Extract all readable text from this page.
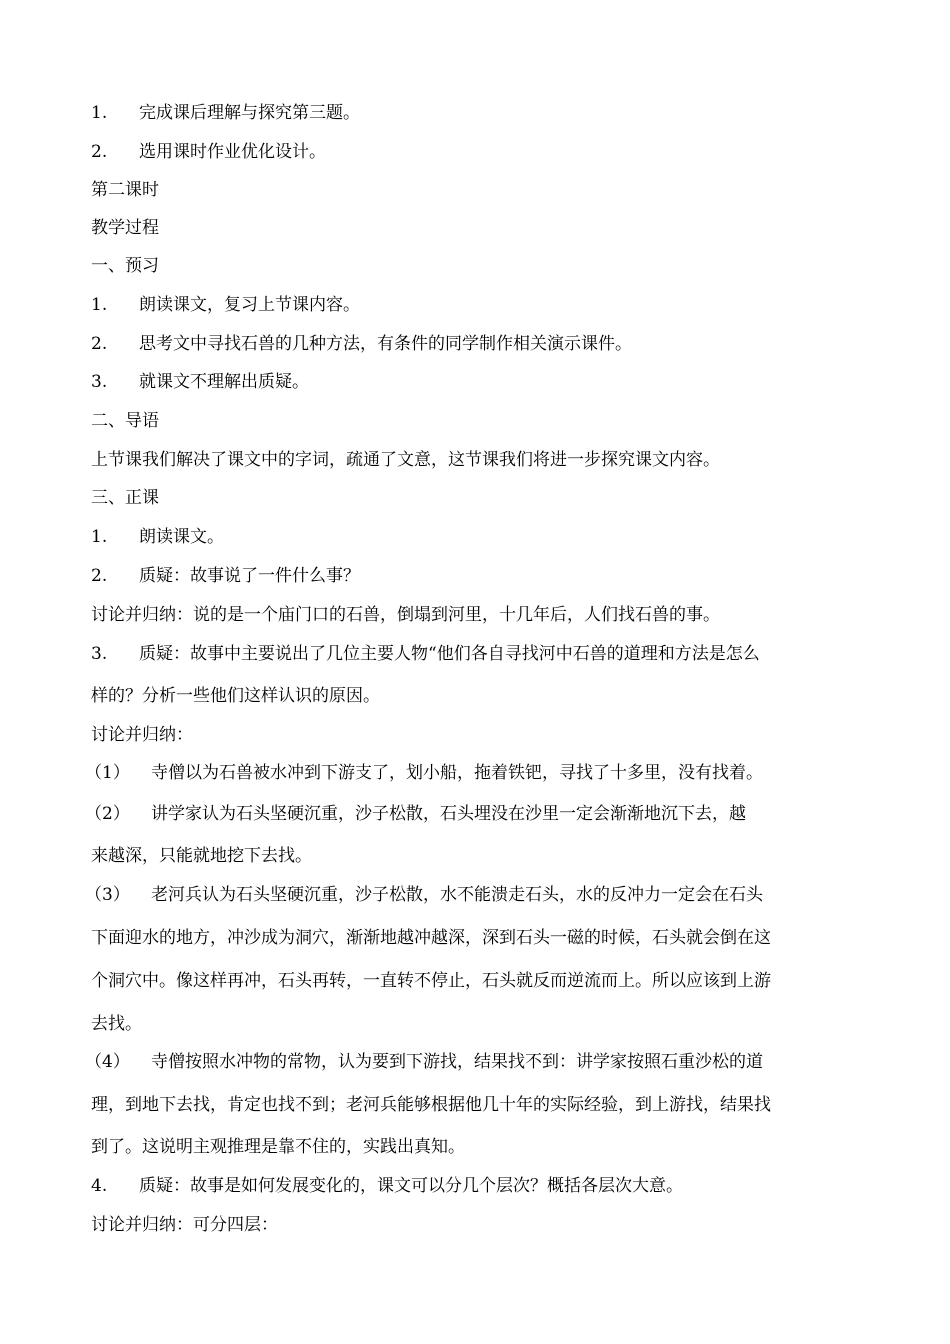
1. 完成课后理解与探究第三题。
2. 选用课时作业优化设计。
第二课时
教学过程
一、预习
1. 朗读课文，复习上节课内容。
2. 思考文中寻找石兽的几种方法，有条件的同学制作相关演示课件。
3. 就课文不理解出质疑。
二、导语
上节课我们解决了课文中的字词，疏通了文意，这节课我们将进一步探究课文内容。
三、正课
1. 朗读课文。
2. 质疑：故事说了一件什么事？
讨论并归纳：说的是一个庙门口的石兽，倒塌到河里，十几年后，人们找石兽的事。
3. 质疑：故事中主要说出了几位主要人物“他们各自寻找河中石兽的道理和方法是怎么
样的？分析一些他们这样认识的原因。
讨论并归纳：
（1） 寺僧以为石兽被水冲到下游支了，划小船，拖着铁钯，寻找了十多里，没有找着。
（2） 讲学家认为石头坚硬沉重，沙子松散，石头埋没在沙里一定会渐渐地沉下去，越
来越深，只能就地挖下去找。
（3） 老河兵认为石头坚硬沉重，沙子松散，水不能溃走石头，水的反冲力一定会在石头
下面迎水的地方，冲沙成为洞穴，渐渐地越冲越深，深到石头一磁的时候，石头就会倒在这
个洞穴中。像这样再冲，石头再转，一直转不停止，石头就反而逆流而上。所以应该到上游
去找。
（4） 寺僧按照水冲物的常物，认为要到下游找，结果找不到：讲学家按照石重沙松的道
理，到地下去找，肯定也找不到；老河兵能够根据他几十年的实际经验，到上游找，结果找
到了。这说明主观推理是靠不住的，实践出真知。
4. 质疑：故事是如何发展变化的，课文可以分几个层次？概括各层次大意。
讨论并归纳：可分四层：
